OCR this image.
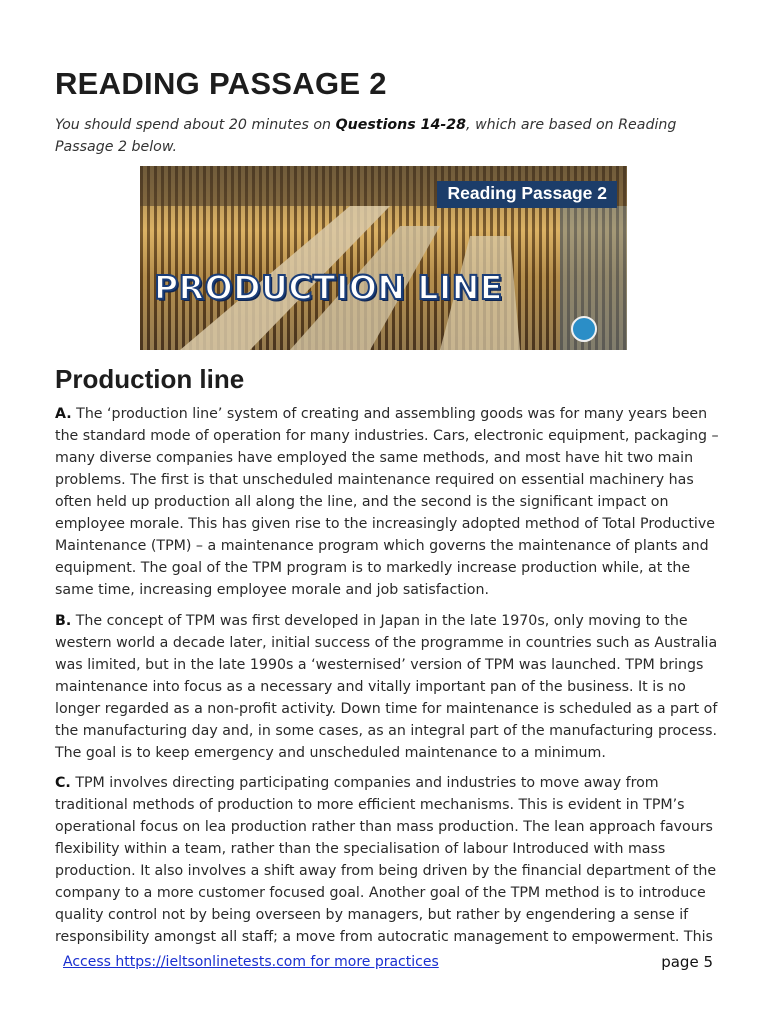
READING PASSAGE 2

You should spend about 20 minutes on Questions 14-28, which are based on Reading Passage 2 below.

Reading Passage 2
PRODUCTION LINE
Production line

A. The ‘production line’ system of creating and assembling goods was for many years been the standard mode of operation for many industries. Cars, electronic equipment, packaging – many diverse companies have employed the same methods, and most have hit two main problems. The first is that unscheduled maintenance required on essential machinery has often held up production all along the line, and the second is the significant impact on employee morale. This has given rise to the increasingly adopted method of Total Productive Maintenance (TPM) – a maintenance program which governs the maintenance of plants and equipment. The goal of the TPM program is to markedly increase production while, at the same time, increasing employee morale and job satisfaction.

B. The concept of TPM was first developed in Japan in the late 1970s, only moving to the western world a decade later, initial success of the programme in countries such as Australia was limited, but in the late 1990s a ‘westernised’ version of TPM was launched. TPM brings maintenance into focus as a necessary and vitally important pan of the business. It is no longer regarded as a non-profit activity. Down time for maintenance is scheduled as a part of the manufacturing day and, in some cases, as an integral part of the manufacturing process. The goal is to keep emergency and unscheduled maintenance to a minimum.

C. TPM involves directing participating companies and industries to move away from traditional methods of production to more efficient mechanisms. This is evident in TPM’s operational focus on lea production rather than mass production. The lean approach favours flexibility within a team, rather than the specialisation of labour Introduced with mass production. It also involves a shift away from being driven by the financial department of the company to a more customer focused goal. Another goal of the TPM method is to introduce quality control not by being overseen by managers, but rather by engendering a sense if responsibility amongst all staff; a move from autocratic management to empowerment. This

Access https://ieltsonlinetests.com for more practices	page 5
